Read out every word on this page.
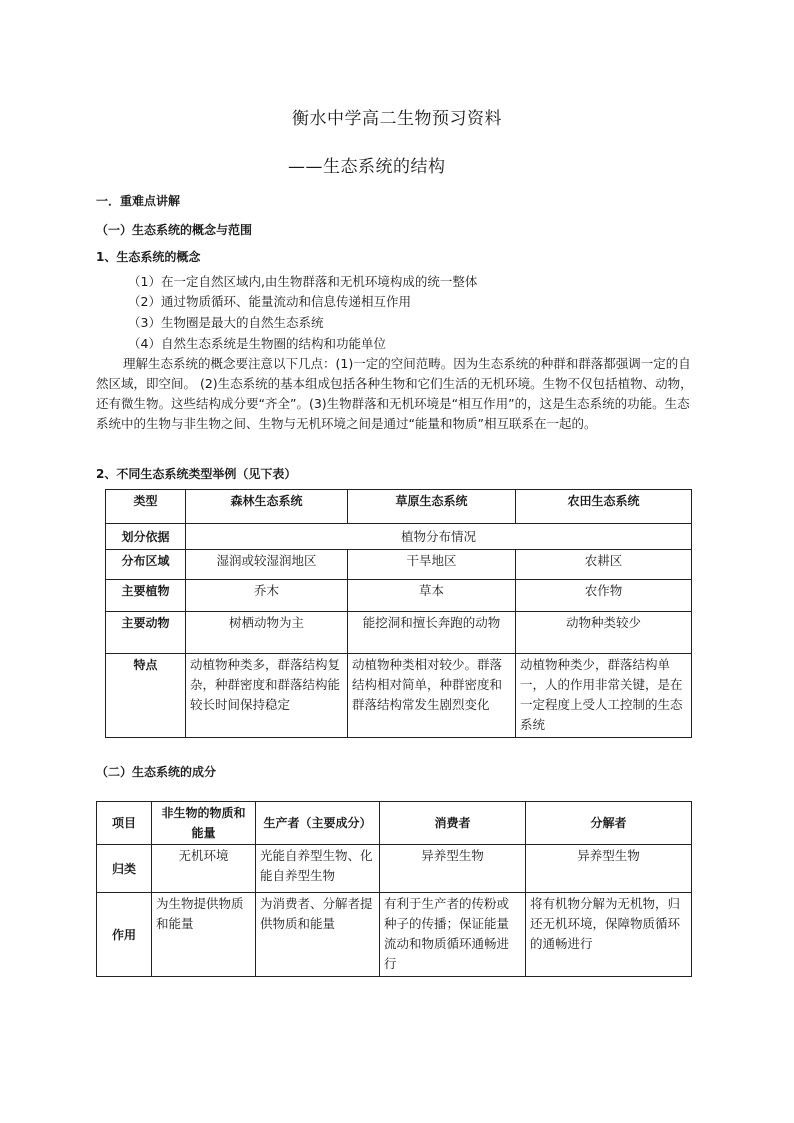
衡水中学高二生物预习资料
——生态系统的结构
一．重难点讲解
（一）生态系统的概念与范围
1、生态系统的概念
（1）在一定自然区域内,由生物群落和无机环境构成的统一整体
（2）通过物质循环、能量流动和信息传递相互作用
（3）生物圈是最大的自然生态系统
（4）自然生态系统是生物圈的结构和功能单位
理解生态系统的概念要注意以下几点：(1)一定的空间范畴。因为生态系统的种群和群落都强调一定的自然区域，即空间。 (2)生态系统的基本组成包括各种生物和它们生活的无机环境。生物不仅包括植物、动物，还有微生物。这些结构成分要“齐全”。(3)生物群落和无机环境是“相互作用”的，这是生态系统的功能。生态系统中的生物与非生物之间、生物与无机环境之间是通过“能量和物质”相互联系在一起的。
2、不同生态系统类型举例（见下表）
类型	森林生态系统	草原生态系统	农田生态系统
划分依据	植物分布情况		
分布区域	湿润或较湿润地区	干旱地区	农耕区
主要植物	乔木	草本	农作物
主要动物	树栖动物为主	能挖洞和擅长奔跑的动物	动物种类较少
特点	动植物种类多，群落结构复杂，种群密度和群落结构能较长时间保持稳定	动植物种类相对较少。群落结构相对简单，种群密度和群落结构常发生剧烈变化	动植物种类少，群落结构单一，人的作用非常关键，是在一定程度上受人工控制的生态系统
（二）生态系统的成分
项目	非生物的物质和能量	生产者（主要成分）	消费者	分解者
归类	无机环境	光能自养型生物、化能自养型生物	异养型生物	异养型生物
作用	为生物提供物质和能量	为消费者、分解者提供物质和能量	有利于生产者的传粉或种子的传播；保证能量流动和物质循环通畅进行	将有机物分解为无机物，归还无机环境，保障物质循环的通畅进行
